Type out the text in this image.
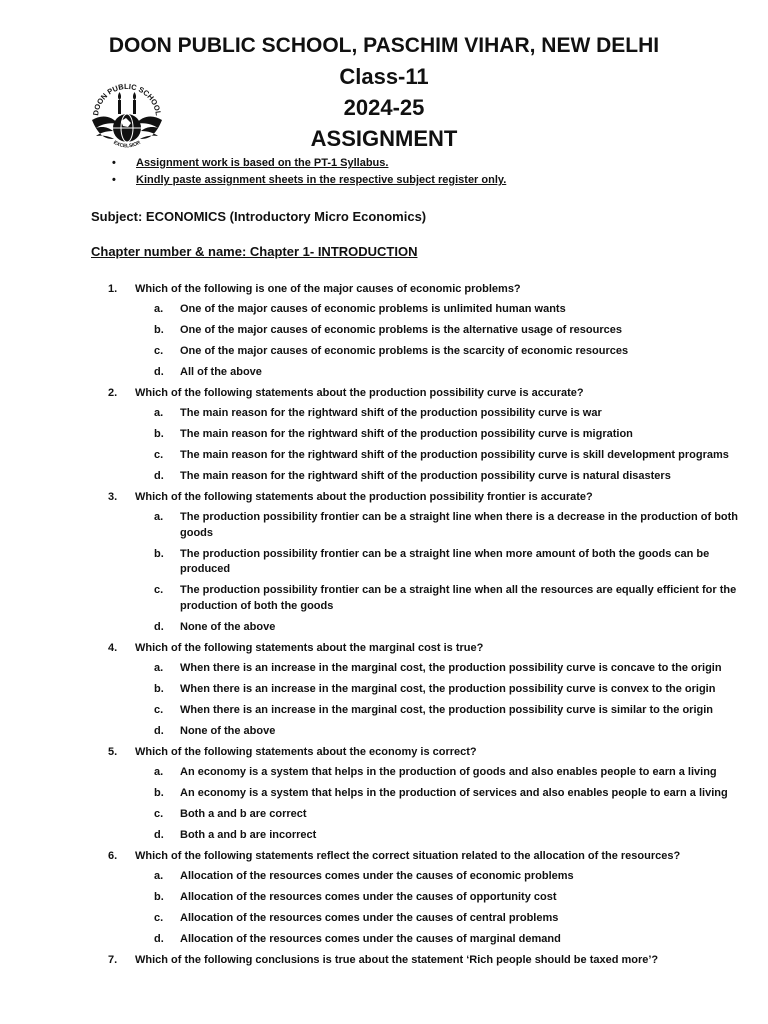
DOON PUBLIC SCHOOL, PASCHIM VIHAR, NEW DELHI
Class-11
2024-25
ASSIGNMENT
DOON PUBLIC SCHOOL
EXCELSIOR
• Assignment work is based on the PT-1 Syllabus.
• Kindly paste assignment sheets in the respective subject register only.
Subject: ECONOMICS (Introductory Micro Economics)
Chapter number & name: Chapter 1- INTRODUCTION
1. Which of the following is one of the major causes of economic problems?
a. One of the major causes of economic problems is unlimited human wants
b. One of the major causes of economic problems is the alternative usage of resources
c. One of the major causes of economic problems is the scarcity of economic resources
d. All of the above
2. Which of the following statements about the production possibility curve is accurate?
a. The main reason for the rightward shift of the production possibility curve is war
b. The main reason for the rightward shift of the production possibility curve is migration
c. The main reason for the rightward shift of the production possibility curve is skill development programs
d. The main reason for the rightward shift of the production possibility curve is natural disasters
3. Which of the following statements about the production possibility frontier is accurate?
a. The production possibility frontier can be a straight line when there is a decrease in the production of both goods
b. The production possibility frontier can be a straight line when more amount of both the goods can be produced
c. The production possibility frontier can be a straight line when all the resources are equally efficient for the production of both the goods
d. None of the above
4. Which of the following statements about the marginal cost is true?
a. When there is an increase in the marginal cost, the production possibility curve is concave to the origin
b. When there is an increase in the marginal cost, the production possibility curve is convex to the origin
c. When there is an increase in the marginal cost, the production possibility curve is similar to the origin
d. None of the above
5. Which of the following statements about the economy is correct?
a. An economy is a system that helps in the production of goods and also enables people to earn a living
b. An economy is a system that helps in the production of services and also enables people to earn a living
c. Both a and b are correct
d. Both a and b are incorrect
6. Which of the following statements reflect the correct situation related to the allocation of the resources?
a. Allocation of the resources comes under the causes of economic problems
b. Allocation of the resources comes under the causes of opportunity cost
c. Allocation of the resources comes under the causes of central problems
d. Allocation of the resources comes under the causes of marginal demand
7. Which of the following conclusions is true about the statement ‘Rich people should be taxed more’?
